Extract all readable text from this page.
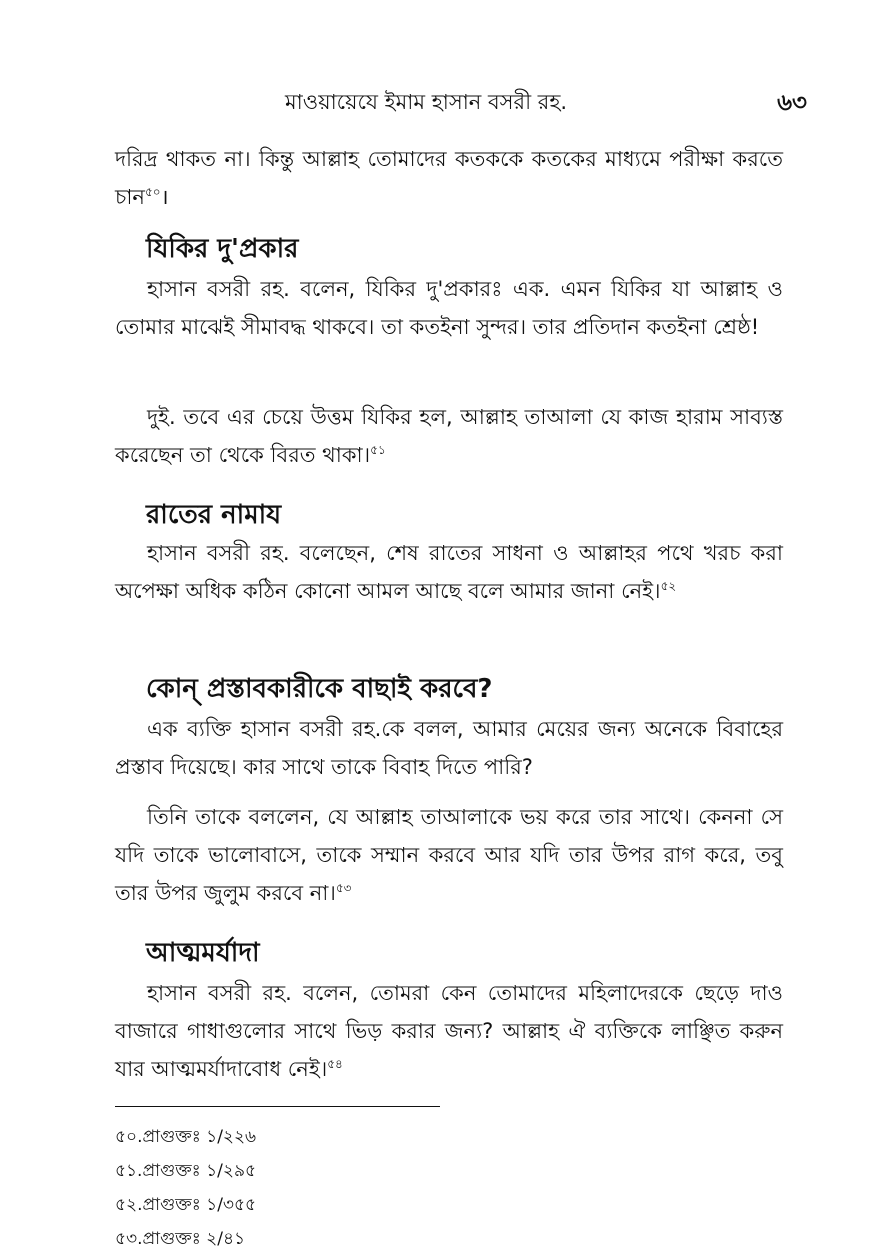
মাওয়ায়েযে ইমাম হাসান বসরী রহ.	৬৩

দরিদ্র থাকত না। কিন্তু আল্লাহ তোমাদের কতককে কতকের মাধ্যমে পরীক্ষা করতে চান$^{৫০}$।

যিকির দু'প্রকার

হাসান বসরী রহ. বলেন, যিকির দু'প্রকারঃ এক. এমন যিকির যা আল্লাহ ও তোমার মাঝেই সীমাবদ্ধ থাকবে। তা কতইনা সুন্দর। তার প্রতিদান কতইনা শ্রেষ্ঠ!

দুই. তবে এর চেয়ে উত্তম যিকির হল, আল্লাহ তাআলা যে কাজ হারাম সাব্যস্ত করেছেন তা থেকে বিরত থাকা।$^{৫১}$

রাতের নামায

হাসান বসরী রহ. বলেছেন, শেষ রাতের সাধনা ও আল্লাহর পথে খরচ করা অপেক্ষা অধিক কঠিন কোনো আমল আছে বলে আমার জানা নেই।$^{৫২}$

কোন্ প্রস্তাবকারীকে বাছাই করবে?

এক ব্যক্তি হাসান বসরী রহ.কে বলল, আমার মেয়ের জন্য অনেকে বিবাহের প্রস্তাব দিয়েছে। কার সাথে তাকে বিবাহ দিতে পারি?

তিনি তাকে বললেন, যে আল্লাহ তাআলাকে ভয় করে তার সাথে। কেননা সে যদি তাকে ভালোবাসে, তাকে সম্মান করবে আর যদি তার উপর রাগ করে, তবু তার উপর জুলুম করবে না।$^{৫৩}$

আত্মমর্যাদা

হাসান বসরী রহ. বলেন, তোমরা কেন তোমাদের মহিলাদেরকে ছেড়ে দাও বাজারে গাধাগুলোর সাথে ভিড় করার জন্য? আল্লাহ ঐ ব্যক্তিকে লাঞ্ছিত করুন যার আত্মমর্যাদাবোধ নেই।$^{৫৪}$

৫০.প্রাগুক্তঃ ১/২২৬
৫১.প্রাগুক্তঃ ১/২৯৫
৫২.প্রাগুক্তঃ ১/৩৫৫
৫৩.প্রাগুক্তঃ ২/৪১
